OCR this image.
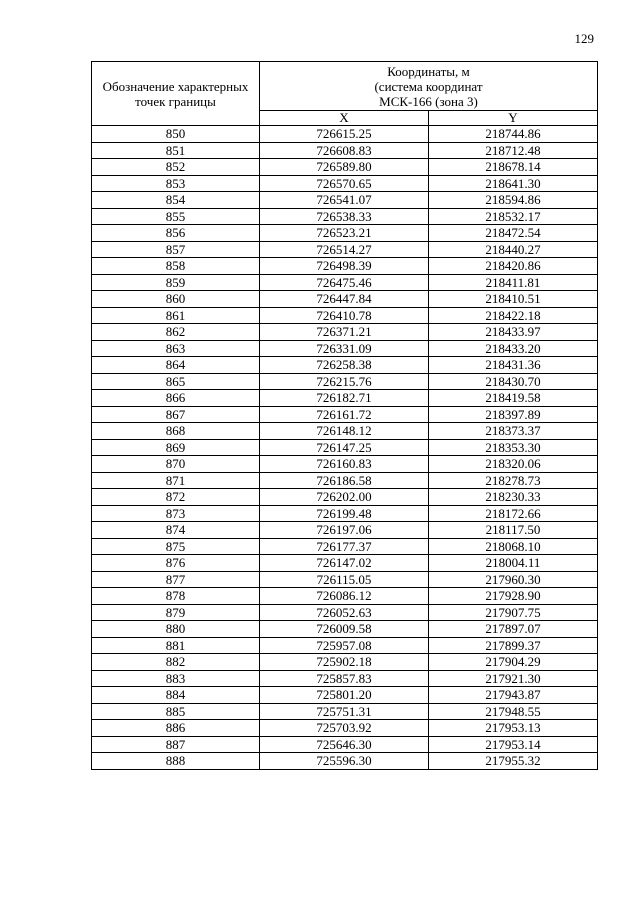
129
Обозначение характерных точек границы	Координаты, м
(система координат
МСК-166 (зона 3)	

	X	Y
850	726615.25	218744.86
851	726608.83	218712.48
852	726589.80	218678.14
853	726570.65	218641.30
854	726541.07	218594.86
855	726538.33	218532.17
856	726523.21	218472.54
857	726514.27	218440.27
858	726498.39	218420.86
859	726475.46	218411.81
860	726447.84	218410.51
861	726410.78	218422.18
862	726371.21	218433.97
863	726331.09	218433.20
864	726258.38	218431.36
865	726215.76	218430.70
866	726182.71	218419.58
867	726161.72	218397.89
868	726148.12	218373.37
869	726147.25	218353.30
870	726160.83	218320.06
871	726186.58	218278.73
872	726202.00	218230.33
873	726199.48	218172.66
874	726197.06	218117.50
875	726177.37	218068.10
876	726147.02	218004.11
877	726115.05	217960.30
878	726086.12	217928.90
879	726052.63	217907.75
880	726009.58	217897.07
881	725957.08	217899.37
882	725902.18	217904.29
883	725857.83	217921.30
884	725801.20	217943.87
885	725751.31	217948.55
886	725703.92	217953.13
887	725646.30	217953.14
888	725596.30	217955.32
